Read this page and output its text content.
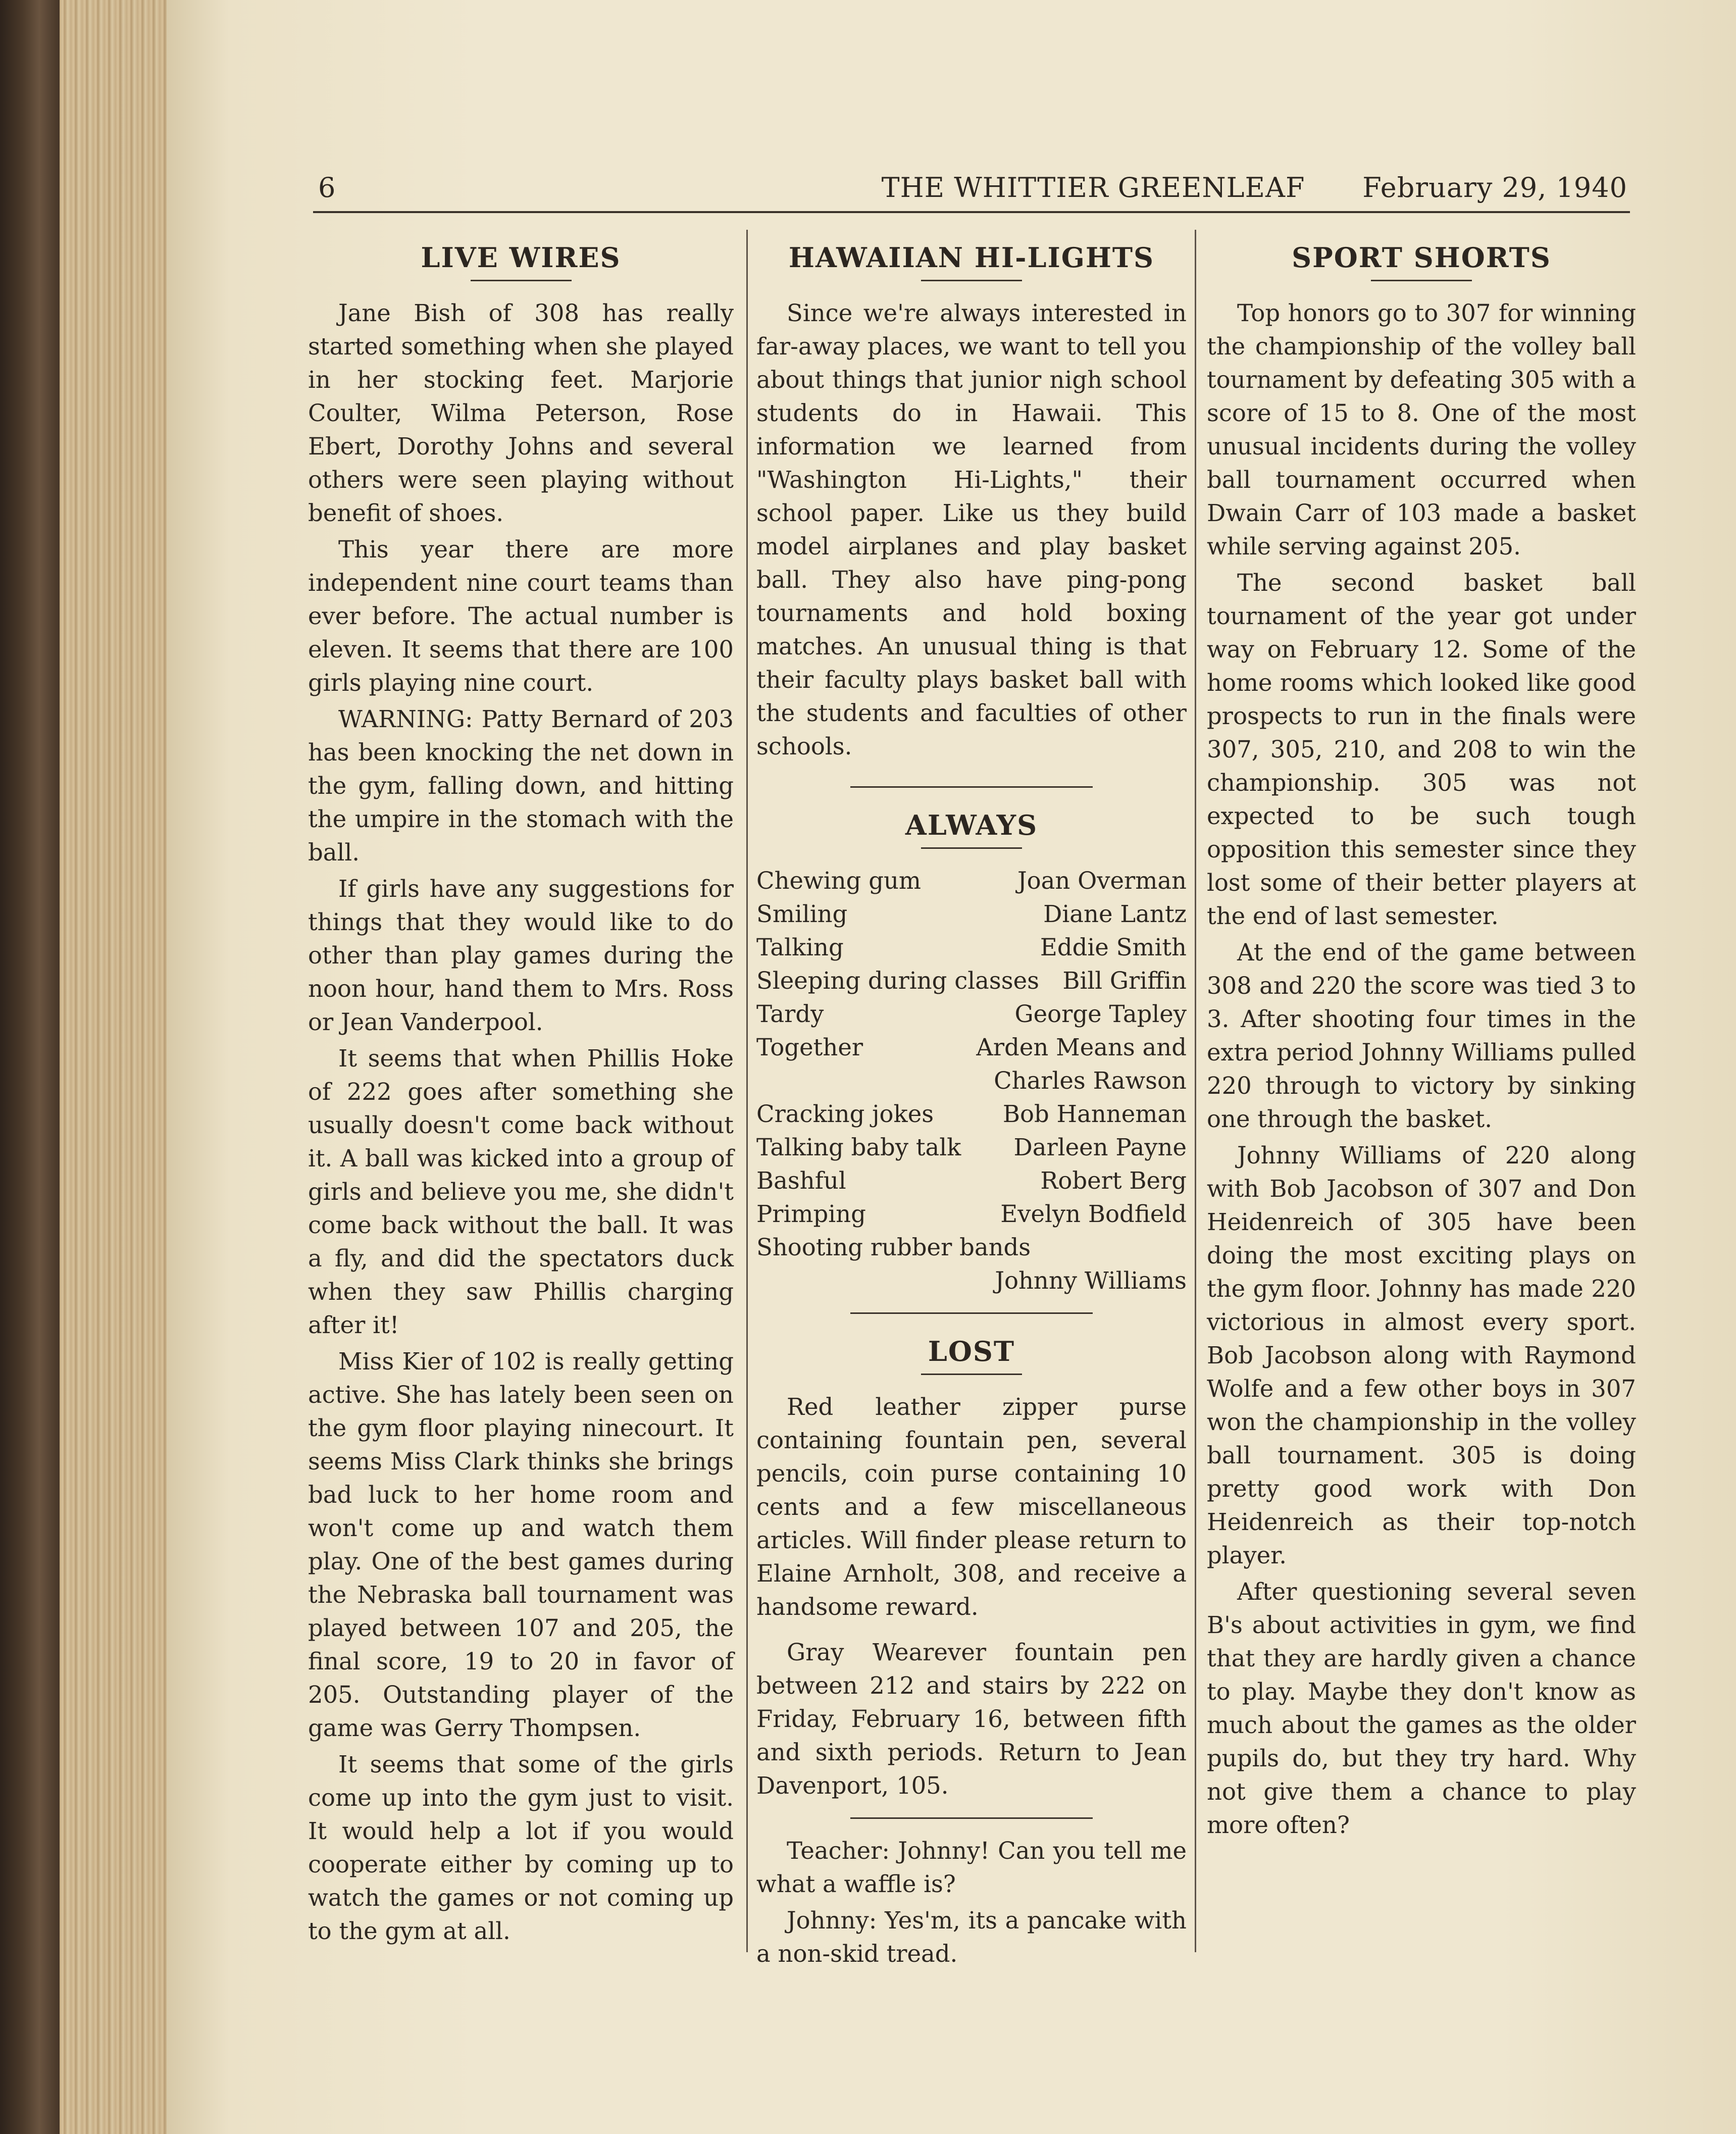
6	THE WHITTIER GREENLEAF	February 29, 1940
LIVE WIRES

Jane Bish of 308 has really started something when she played in her stocking feet. Marjorie Coulter, Wilma Peterson, Rose Ebert, Dorothy Johns and several others were seen playing without benefit of shoes.

This year there are more independent nine court teams than ever before. The actual number is eleven. It seems that there are 100 girls playing nine court.

WARNING: Patty Bernard of 203 has been knocking the net down in the gym, falling down, and hitting the umpire in the stomach with the ball.

If girls have any suggestions for things that they would like to do other than play games during the noon hour, hand them to Mrs. Ross or Jean Vanderpool.

It seems that when Phillis Hoke of 222 goes after something she usually doesn't come back without it. A ball was kicked into a group of girls and believe you me, she didn't come back without the ball. It was a fly, and did the spectators duck when they saw Phillis charging after it!

Miss Kier of 102 is really getting active. She has lately been seen on the gym floor playing ninecourt. It seems Miss Clark thinks she brings bad luck to her home room and won't come up and watch them play. One of the best games during the Nebraska ball tournament was played between 107 and 205, the final score, 19 to 20 in favor of 205. Outstanding player of the game was Gerry Thompsen.

It seems that some of the girls come up into the gym just to visit. It would help a lot if you would cooperate either by coming up to watch the games or not coming up to the gym at all.

HAWAIIAN HI-LIGHTS

Since we're always interested in far-away places, we want to tell you about things that junior nigh school students do in Hawaii. This information we learned from "Washington Hi-Lights," their school paper. Like us they build model airplanes and play basket ball. They also have ping-pong tournaments and hold boxing matches. An unusual thing is that their faculty plays basket ball with the students and faculties of other schools.

ALWAYS
Chewing gum	Joan Overman
Smiling	Diane Lantz
Talking	Eddie Smith
Sleeping during classes Bill Griffin
Tardy	George Tapley
Together	Arden Means and
Charles Rawson
Cracking jokes	Bob Hanneman
Talking baby talk Darleen Payne
Bashful	Robert Berg
Primping	Evelyn Bodfield
Shooting rubber bands
Johnny Williams
LOST

Red leather zipper purse containing fountain pen, several pencils, coin purse containing 10 cents and a few miscellaneous articles. Will finder please return to Elaine Arnholt, 308, and receive a handsome reward.

Gray Wearever fountain pen between 212 and stairs by 222 on Friday, February 16, between fifth and sixth periods. Return to Jean Davenport, 105.

Teacher: Johnny! Can you tell me what a waffle is?

Johnny: Yes'm, its a pancake with a non-skid tread.

SPORT SHORTS

Top honors go to 307 for winning the championship of the volley ball tournament by defeating 305 with a score of 15 to 8. One of the most unusual incidents during the volley ball tournament occurred when Dwain Carr of 103 made a basket while serving against 205.

The second basket ball tournament of the year got under way on February 12. Some of the home rooms which looked like good prospects to run in the finals were 307, 305, 210, and 208 to win the championship. 305 was not expected to be such tough opposition this semester since they lost some of their better players at the end of last semester.

At the end of the game between 308 and 220 the score was tied 3 to 3. After shooting four times in the extra period Johnny Williams pulled 220 through to victory by sinking one through the basket.

Johnny Williams of 220 along with Bob Jacobson of 307 and Don Heidenreich of 305 have been doing the most exciting plays on the gym floor. Johnny has made 220 victorious in almost every sport. Bob Jacobson along with Raymond Wolfe and a few other boys in 307 won the championship in the volley ball tournament. 305 is doing pretty good work with Don Heidenreich as their top-notch player.

After questioning several seven B's about activities in gym, we find that they are hardly given a chance to play. Maybe they don't know as much about the games as the older pupils do, but they try hard. Why not give them a chance to play more often?
